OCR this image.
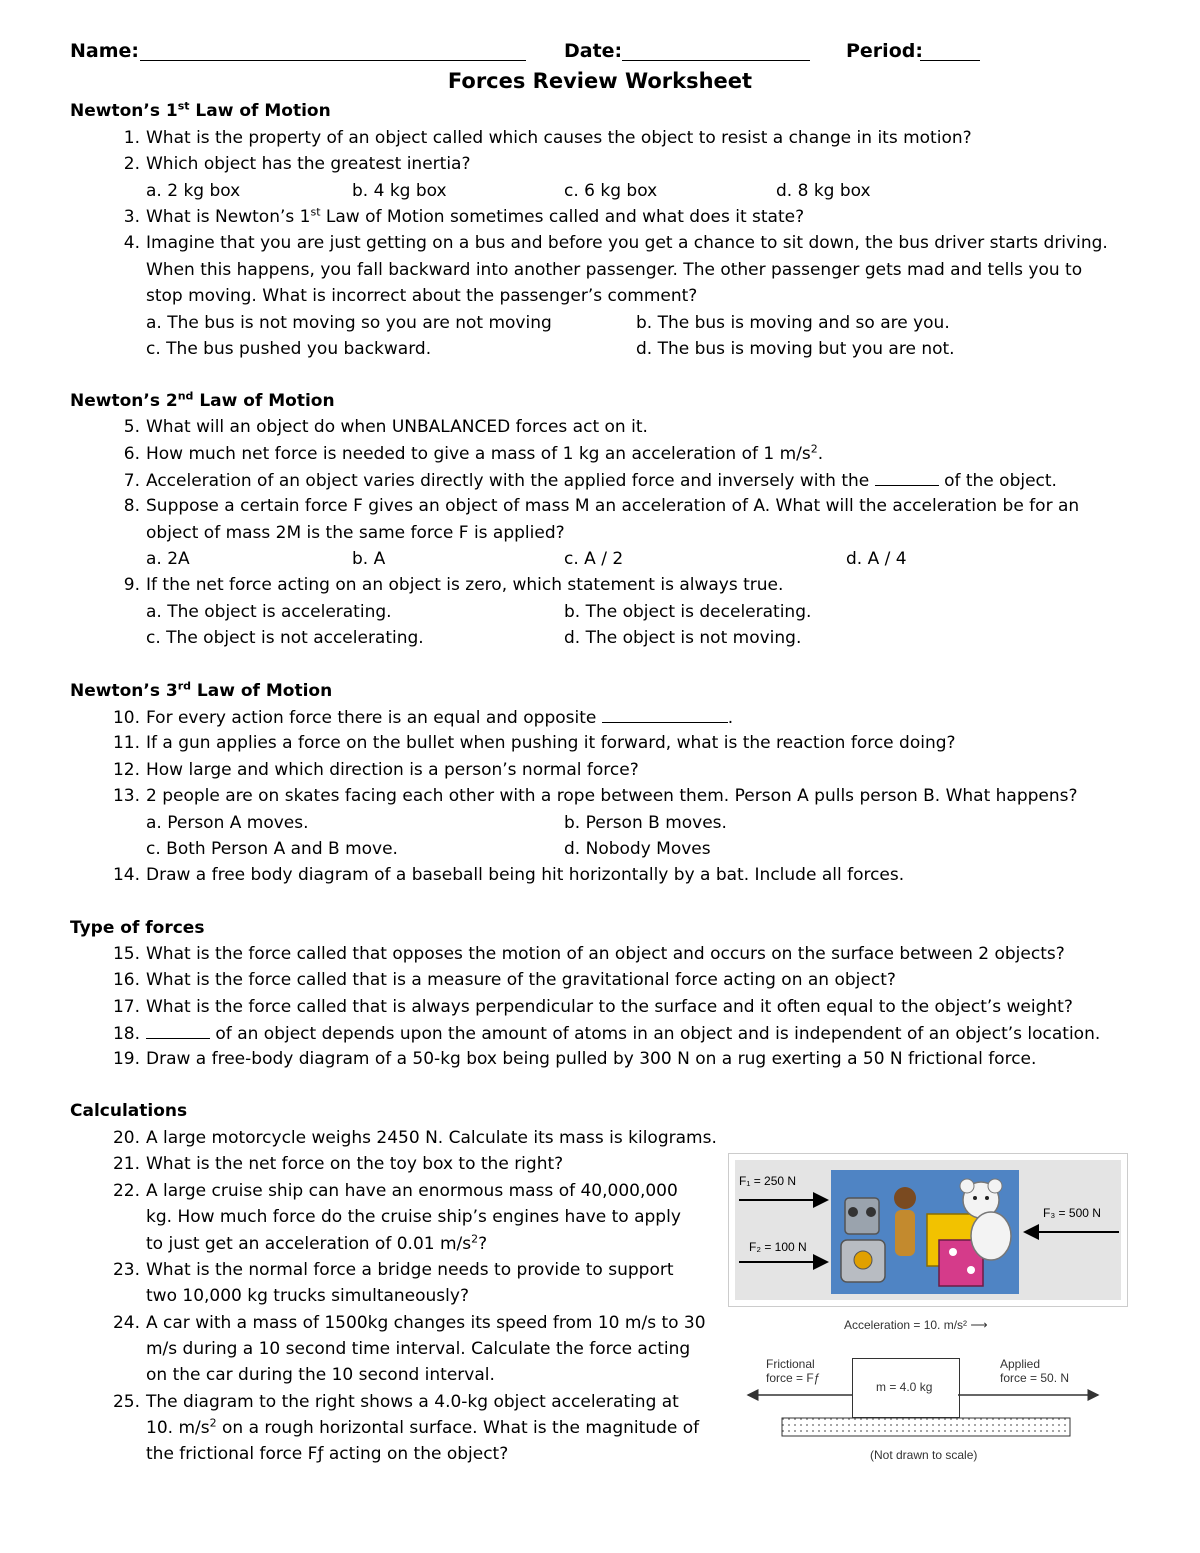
Name:	Date:	Period:
Forces Review Worksheet
Newton’s 1st Law of Motion
1. What is the property of an object called which causes the object to resist a change in its motion?
2. Which object has the greatest inertia?
a. 2 kg box	b. 4 kg box	c. 6 kg box	d. 8 kg box
3. What is Newton’s 1st Law of Motion sometimes called and what does it state?
4. Imagine that you are just getting on a bus and before you get a chance to sit down, the bus driver starts driving.
When this happens, you fall backward into another passenger. The other passenger gets mad and tells you to
stop moving. What is incorrect about the passenger’s comment?
a. The bus is not moving so you are not moving	b. The bus is moving and so are you.
c. The bus pushed you backward.	d. The bus is moving but you are not.
Newton’s 2nd Law of Motion
5. What will an object do when UNBALANCED forces act on it.
6. How much net force is needed to give a mass of 1 kg an acceleration of 1 $m/s^2$.
7. Acceleration of an object varies directly with the applied force and inversely with the	of the object.
8. Suppose a certain force F gives an object of mass M an acceleration of A. What will the acceleration be for an
object of mass 2M is the same force F is applied?
a. 2A	b. A	c. A / 2	d. A / 4
9. If the net force acting on an object is zero, which statement is always true.
a. The object is accelerating.	b. The object is decelerating.
c. The object is not accelerating.	d. The object is not moving.
Newton’s 3rd Law of Motion
10. For every action force there is an equal and opposite	.
11. If a gun applies a force on the bullet when pushing it forward, what is the reaction force doing?
12. How large and which direction is a person’s normal force?
13. 2 people are on skates facing each other with a rope between them. Person A pulls person B. What happens?
a. Person A moves.	b. Person B moves.
c. Both Person A and B move.	d. Nobody Moves
14. Draw a free body diagram of a baseball being hit horizontally by a bat. Include all forces.
Type of forces
15. What is the force called that opposes the motion of an object and occurs on the surface between 2 objects?
16. What is the force called that is a measure of the gravitational force acting on an object?
17. What is the force called that is always perpendicular to the surface and it often equal to the object’s weight?
18.	of an object depends upon the amount of atoms in an object and is independent of an object’s location.
19. Draw a free-body diagram of a 50-kg box being pulled by 300 N on a rug exerting a 50 N frictional force.
Calculations
20. A large motorcycle weighs 2450 N. Calculate its mass is kilograms.
21. What is the net force on the toy box to the right?
22. A large cruise ship can have an enormous mass of 40,000,000
kg. How much force do the cruise ship’s engines have to apply
to just get an acceleration of 0.01 $m/s^2$?
23. What is the normal force a bridge needs to provide to support
two 10,000 kg trucks simultaneously?
24. A car with a mass of 1500kg changes its speed from 10 m/s to 30
m/s during a 10 second time interval. Calculate the force acting
on the car during the 10 second interval.
25. The diagram to the right shows a 4.0-kg object accelerating at
10. $m/s^2$ on a rough horizontal surface. What is the magnitude of
the frictional force Fƒ acting on the object?
F₁ = 250 N
F₂ = 100 N
F₃ = 500 N
Acceleration = 10. m/s² ⟶
Frictional
force = Fƒ
m = 4.0 kg
Applied
force = 50. N
(Not drawn to scale)
